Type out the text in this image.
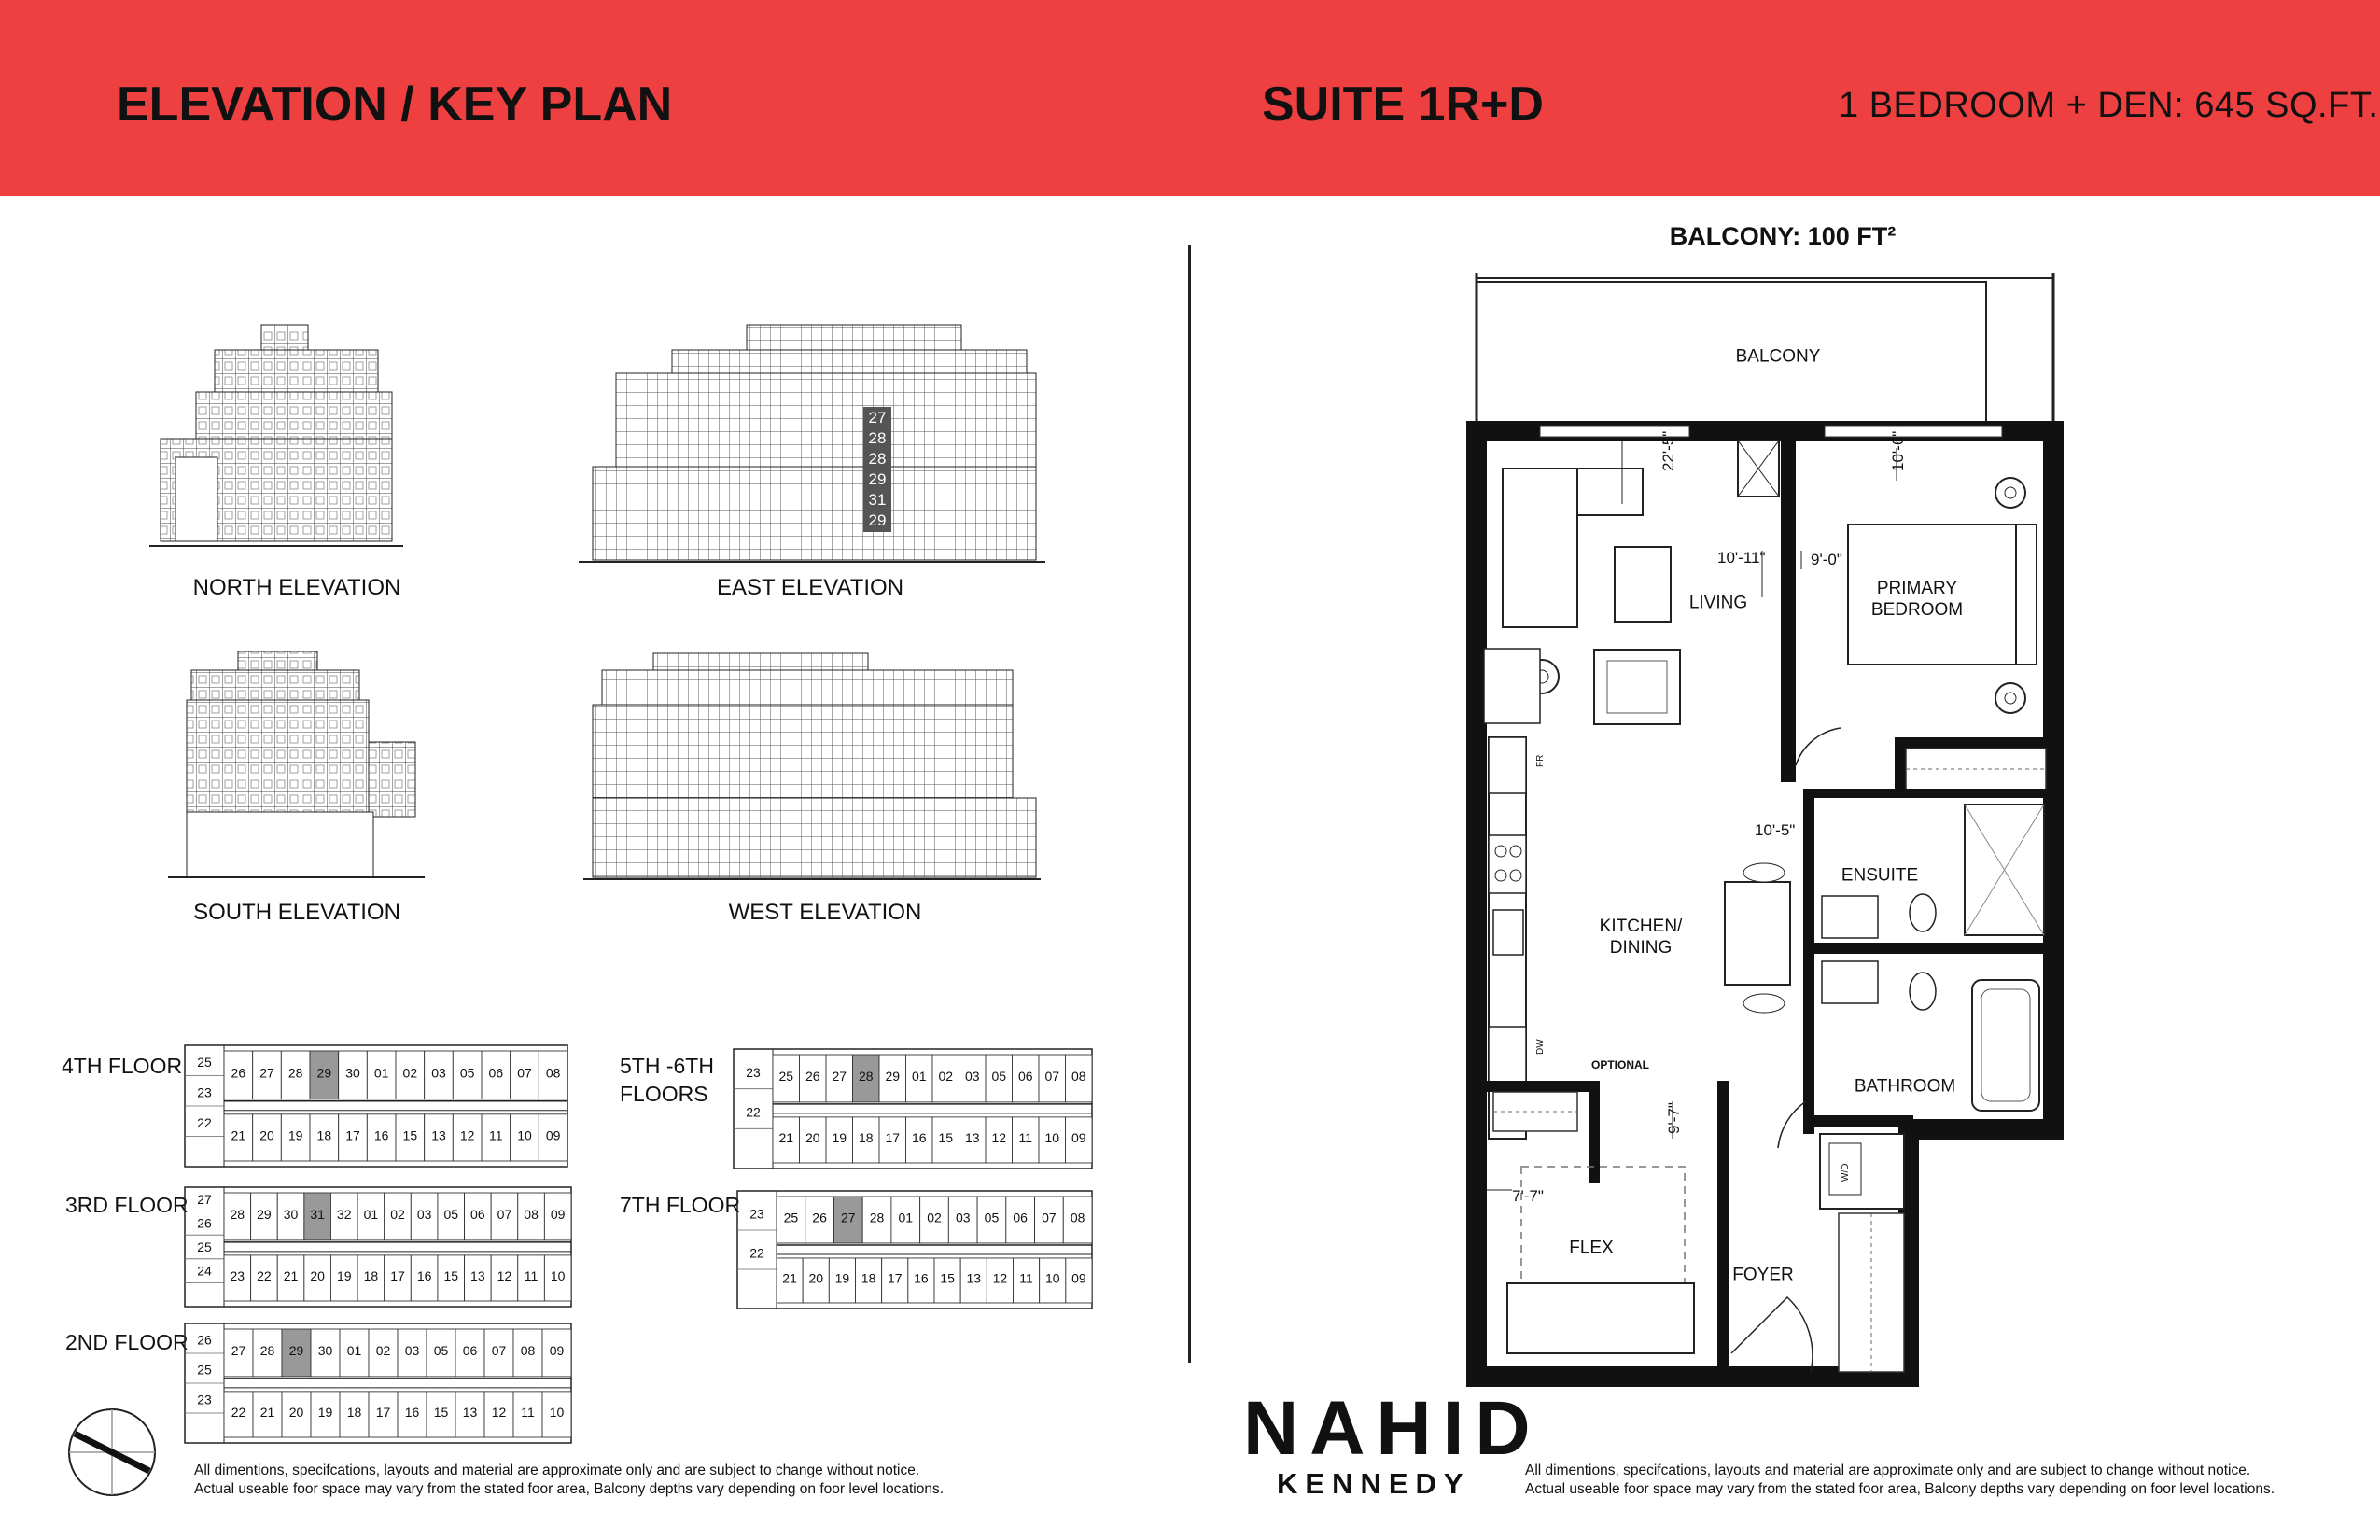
ELEVATION / KEY PLAN	SUITE 1R+D	1 BEDROOM + DEN: 645 SQ.FT.
27
28
28
29
31
29
NORTH ELEVATION	EAST ELEVATION
SOUTH ELEVATION	WEST ELEVATION
4TH FLOOR
3RD FLOOR
2ND FLOOR
5TH -6TH
FLOORS
7TH FLOOR
25
23
22
26 27 28 29 30 01 02 03 05 06 07 08
21 20 19 18 17 16 15 13 12 11 10 09
27
26
25
24
28 29 30 31 32 01 02 03 05 06 07 08 09
23 22 21 20 19 18 17 16 15 13 12 11 10
26
25
23
27 28 29 30 01 02 03 05 06 07 08 09
22 21 20 19 18 17 16 15 13 12 11 10
23
22
25 26 27 28 29 01 02 03 05 06 07 08
21 20 19 18 17 16 15 13 12 11 10 09
23
22
25 26 27 28 01 02 03 05 06 07 08
21 20 19 18 17 16 15 13 12 11 10 09
All dimentions, specifcations, layouts and material are approximate only and are subject to change without notice.
Actual useable foor space may vary from the stated foor area, Balcony depths vary depending on foor level locations.
All dimentions, specifcations, layouts and material are approximate only and are subject to change without notice.
Actual useable foor space may vary from the stated foor area, Balcony depths vary depending on foor level locations.
BALCONY: 100 FT²
BALCONY
LIVING
PRIMARY
BEDROOM
ENSUITE
KITCHEN/
DINING
BATHROOM
FLEX
FOYER
OPTIONAL
22'-5"
10'-11"
10'-6"
9'-0"
10'-5"
9'-7"
7'-7"
FR
DW
W/D
NAHID
KENNEDY
